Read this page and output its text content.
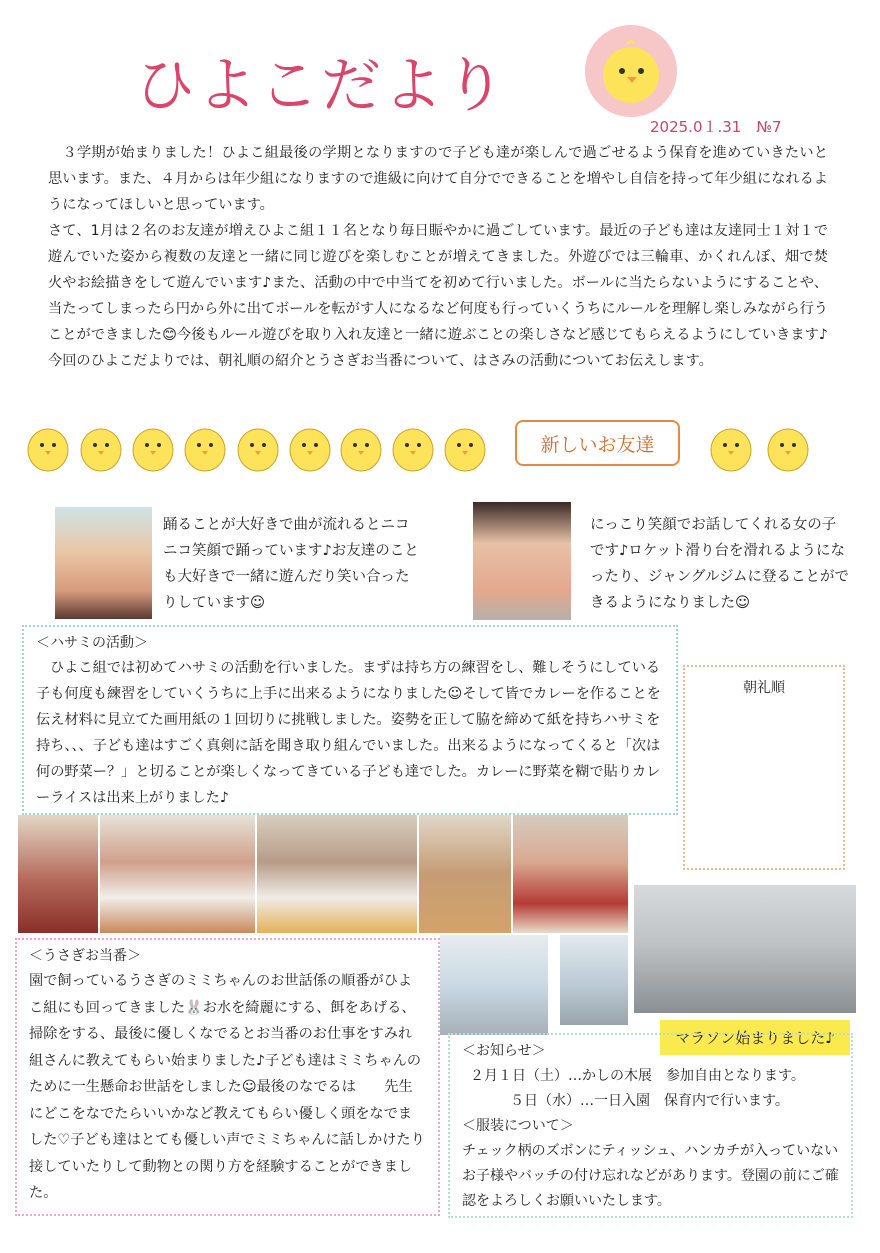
ひよこだより
2025.0１.31　№7

　３学期が始まりました！ひよこ組最後の学期となりますので子ども達が楽しんで過ごせるよう保育を進めていきたいと思います。また、４月からは年少組になりますので進級に向けて自分でできることを増やし自信を持って年少組になれるようになってほしいと思っています。

さて、1月は２名のお友達が増えひよこ組１１名となり毎日賑やかに過ごしています。最近の子ども達は友達同士１対１で遊んでいた姿から複数の友達と一緒に同じ遊びを楽しむことが増えてきました。外遊びでは三輪車、かくれんぼ、畑で焚火やお絵描きをして遊んでいます♪また、活動の中で中当てを初めて行いました。ボールに当たらないようにすることや、当たってしまったら円から外に出てボールを転がす人になるなど何度も行っていくうちにルールを理解し楽しみながら行うことができました😊今後もルール遊びを取り入れ友達と一緒に遊ぶことの楽しさなど感じてもらえるようにしていきます♪今回のひよこだよりでは、朝礼順の紹介とうさぎお当番について、はさみの活動についてお伝えします。

新しいお友達
踊ることが大好きで曲が流れるとニコニコ笑顔で踊っています♪お友達のことも大好きで一緒に遊んだり笑い合ったりしています☺
にっこり笑顔でお話してくれる女の子です♪ロケット滑り台を滑れるようになったり、ジャングルジムに登ることができるようになりました☺
＜ハサミの活動＞
ひよこ組では初めてハサミの活動を行いました。まずは持ち方の練習をし、難しそうにしている子も何度も練習をしていくうちに上手に出来るようになりました☺そして皆でカレーを作ることを伝え材料に見立てた画用紙の１回切りに挑戦しました。姿勢を正して脇を締めて紙を持ちハサミを持ち、、、子ども達はすごく真剣に話を聞き取り組んでいました。出来るようになってくると「次は何の野菜ー？」と切ることが楽しくなってきている子ども達でした。カレーに野菜を糊で貼りカレーライスは出来上がりました♪
朝礼順
＜うさぎお当番＞
園で飼っているうさぎのミミちゃんのお世話係の順番がひよこ組にも回ってきました🐰お水を綺麗にする、餌をあげる、掃除をする、最後に優しくなでるとお当番のお仕事をすみれ組さんに教えてもらい始まりました♪子ども達はミミちゃんのために一生懸命お世話をしました☺最後のなでるは　　先生にどこをなでたらいいかなど教えてもらい優しく頭をなでました♡子ども達はとても優しい声でミミちゃんに話しかけたり接していたりして動物との関り方を経験することができました。
マラソン始まりました♪
＜お知らせ＞
２月１日（土）…かしの木展　参加自由となります。
５日（水）…一日入園　保育内で行います。
＜服装について＞
チェック柄のズボンにティッシュ、ハンカチが入っていないお子様やバッチの付け忘れなどがあります。登園の前にご確認をよろしくお願いいたします。
